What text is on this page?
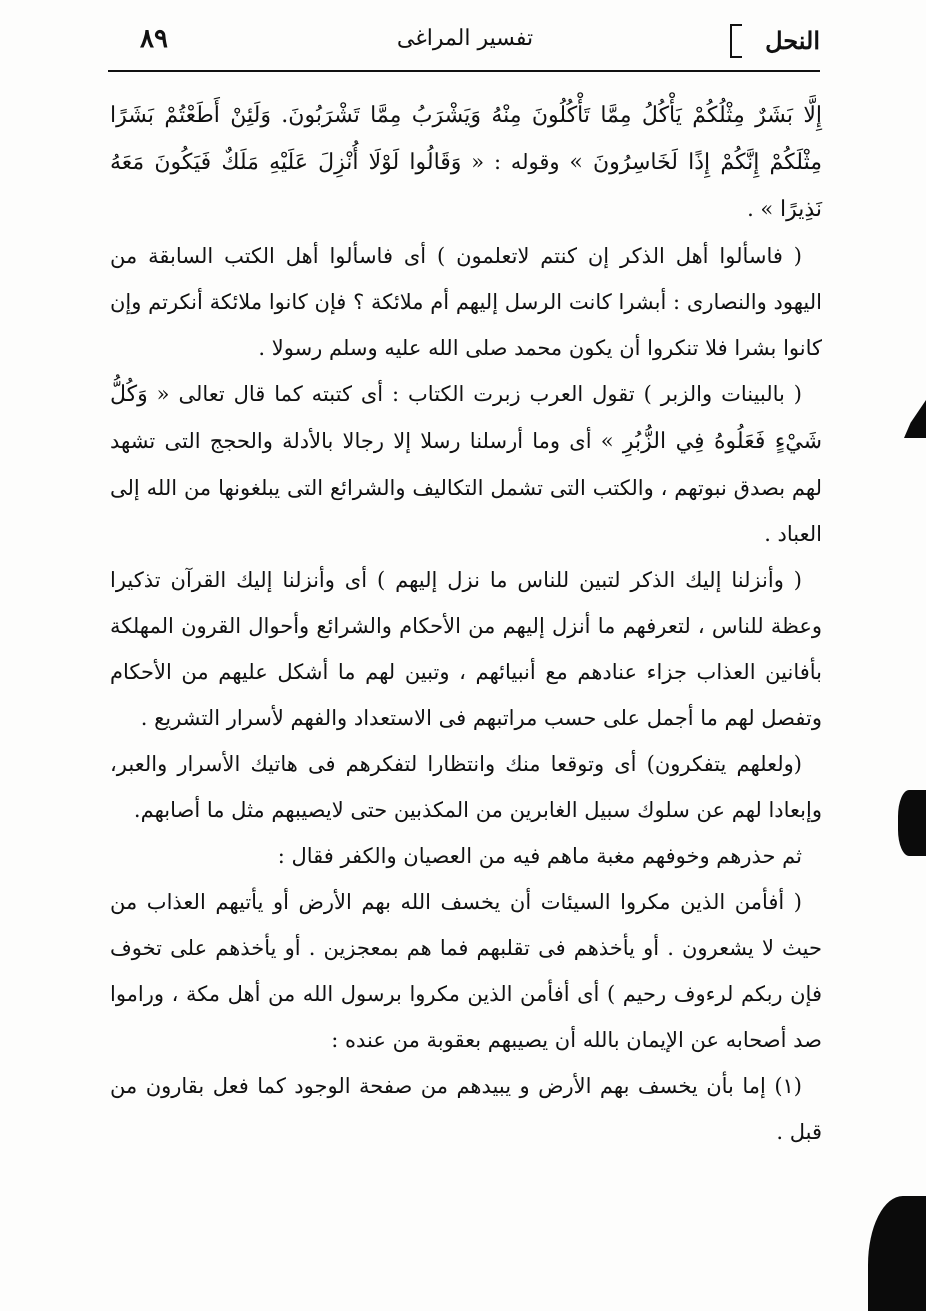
النحل
تفسير المراغى
٨٩

إِلَّا بَشَرٌ مِثْلُكُمْ يَأْكُلُ مِمَّا تَأْكُلُونَ مِنْهُ وَيَشْرَبُ مِمَّا تَشْرَبُونَ. وَلَئِنْ أَطَعْتُمْ بَشَرًا مِثْلَكُمْ إِنَّكُمْ إِذًا لَخَاسِرُونَ » وقوله : « وَقَالُوا لَوْلَا أُنْزِلَ عَلَيْهِ مَلَكٌ فَيَكُونَ مَعَهُ نَذِيرًا » .

( فاسألوا أهل الذكر إن كنتم لاتعلمون ) أى فاسألوا أهل الكتب السابقة من اليهود والنصارى : أبشرا كانت الرسل إليهم أم ملائكة ؟ فإن كانوا ملائكة أنكرتم وإن كانوا بشرا فلا تنكروا أن يكون محمد صلى الله عليه وسلم رسولا .

( بالبينات والزبر ) تقول العرب زبرت الكتاب : أى كتبته كما قال تعالى « وَكُلُّ شَيْءٍ فَعَلُوهُ فِي الزُّبُرِ » أى وما أرسلنا رسلا إلا رجالا بالأدلة والحجج التى تشهد لهم بصدق نبوتهم ، والكتب التى تشمل التكاليف والشرائع التى يبلغونها من الله إلى العباد .

( وأنزلنا إليك الذكر لتبين للناس ما نزل إليهم ) أى وأنزلنا إليك القرآن تذكيرا وعظة للناس ، لتعرفهم ما أنزل إليهم من الأحكام والشرائع وأحوال القرون المهلكة بأفانين العذاب جزاء عنادهم مع أنبيائهم ، وتبين لهم ما أشكل عليهم من الأحكام وتفصل لهم ما أجمل على حسب مراتبهم فى الاستعداد والفهم لأسرار التشريع .

(ولعلهم يتفكرون) أى وتوقعا منك وانتظارا لتفكرهم فى هاتيك الأسرار والعبر، وإبعادا لهم عن سلوك سبيل الغابرين من المكذبين حتى لايصيبهم مثل ما أصابهم.

ثم حذرهم وخوفهم مغبة ماهم فيه من العصيان والكفر فقال :

( أفأمن الذين مكروا السيئات أن يخسف الله بهم الأرض أو يأتيهم العذاب من حيث لا يشعرون . أو يأخذهم فى تقلبهم فما هم بمعجزين . أو يأخذهم على تخوف فإن ربكم لرءوف رحيم ) أى أفأمن الذين مكروا برسول الله من أهل مكة ، وراموا صد أصحابه عن الإيمان بالله أن يصيبهم بعقوبة من عنده :

(١) إما بأن يخسف بهم الأرض و يبيدهم من صفحة الوجود كما فعل بقارون من قبل .
